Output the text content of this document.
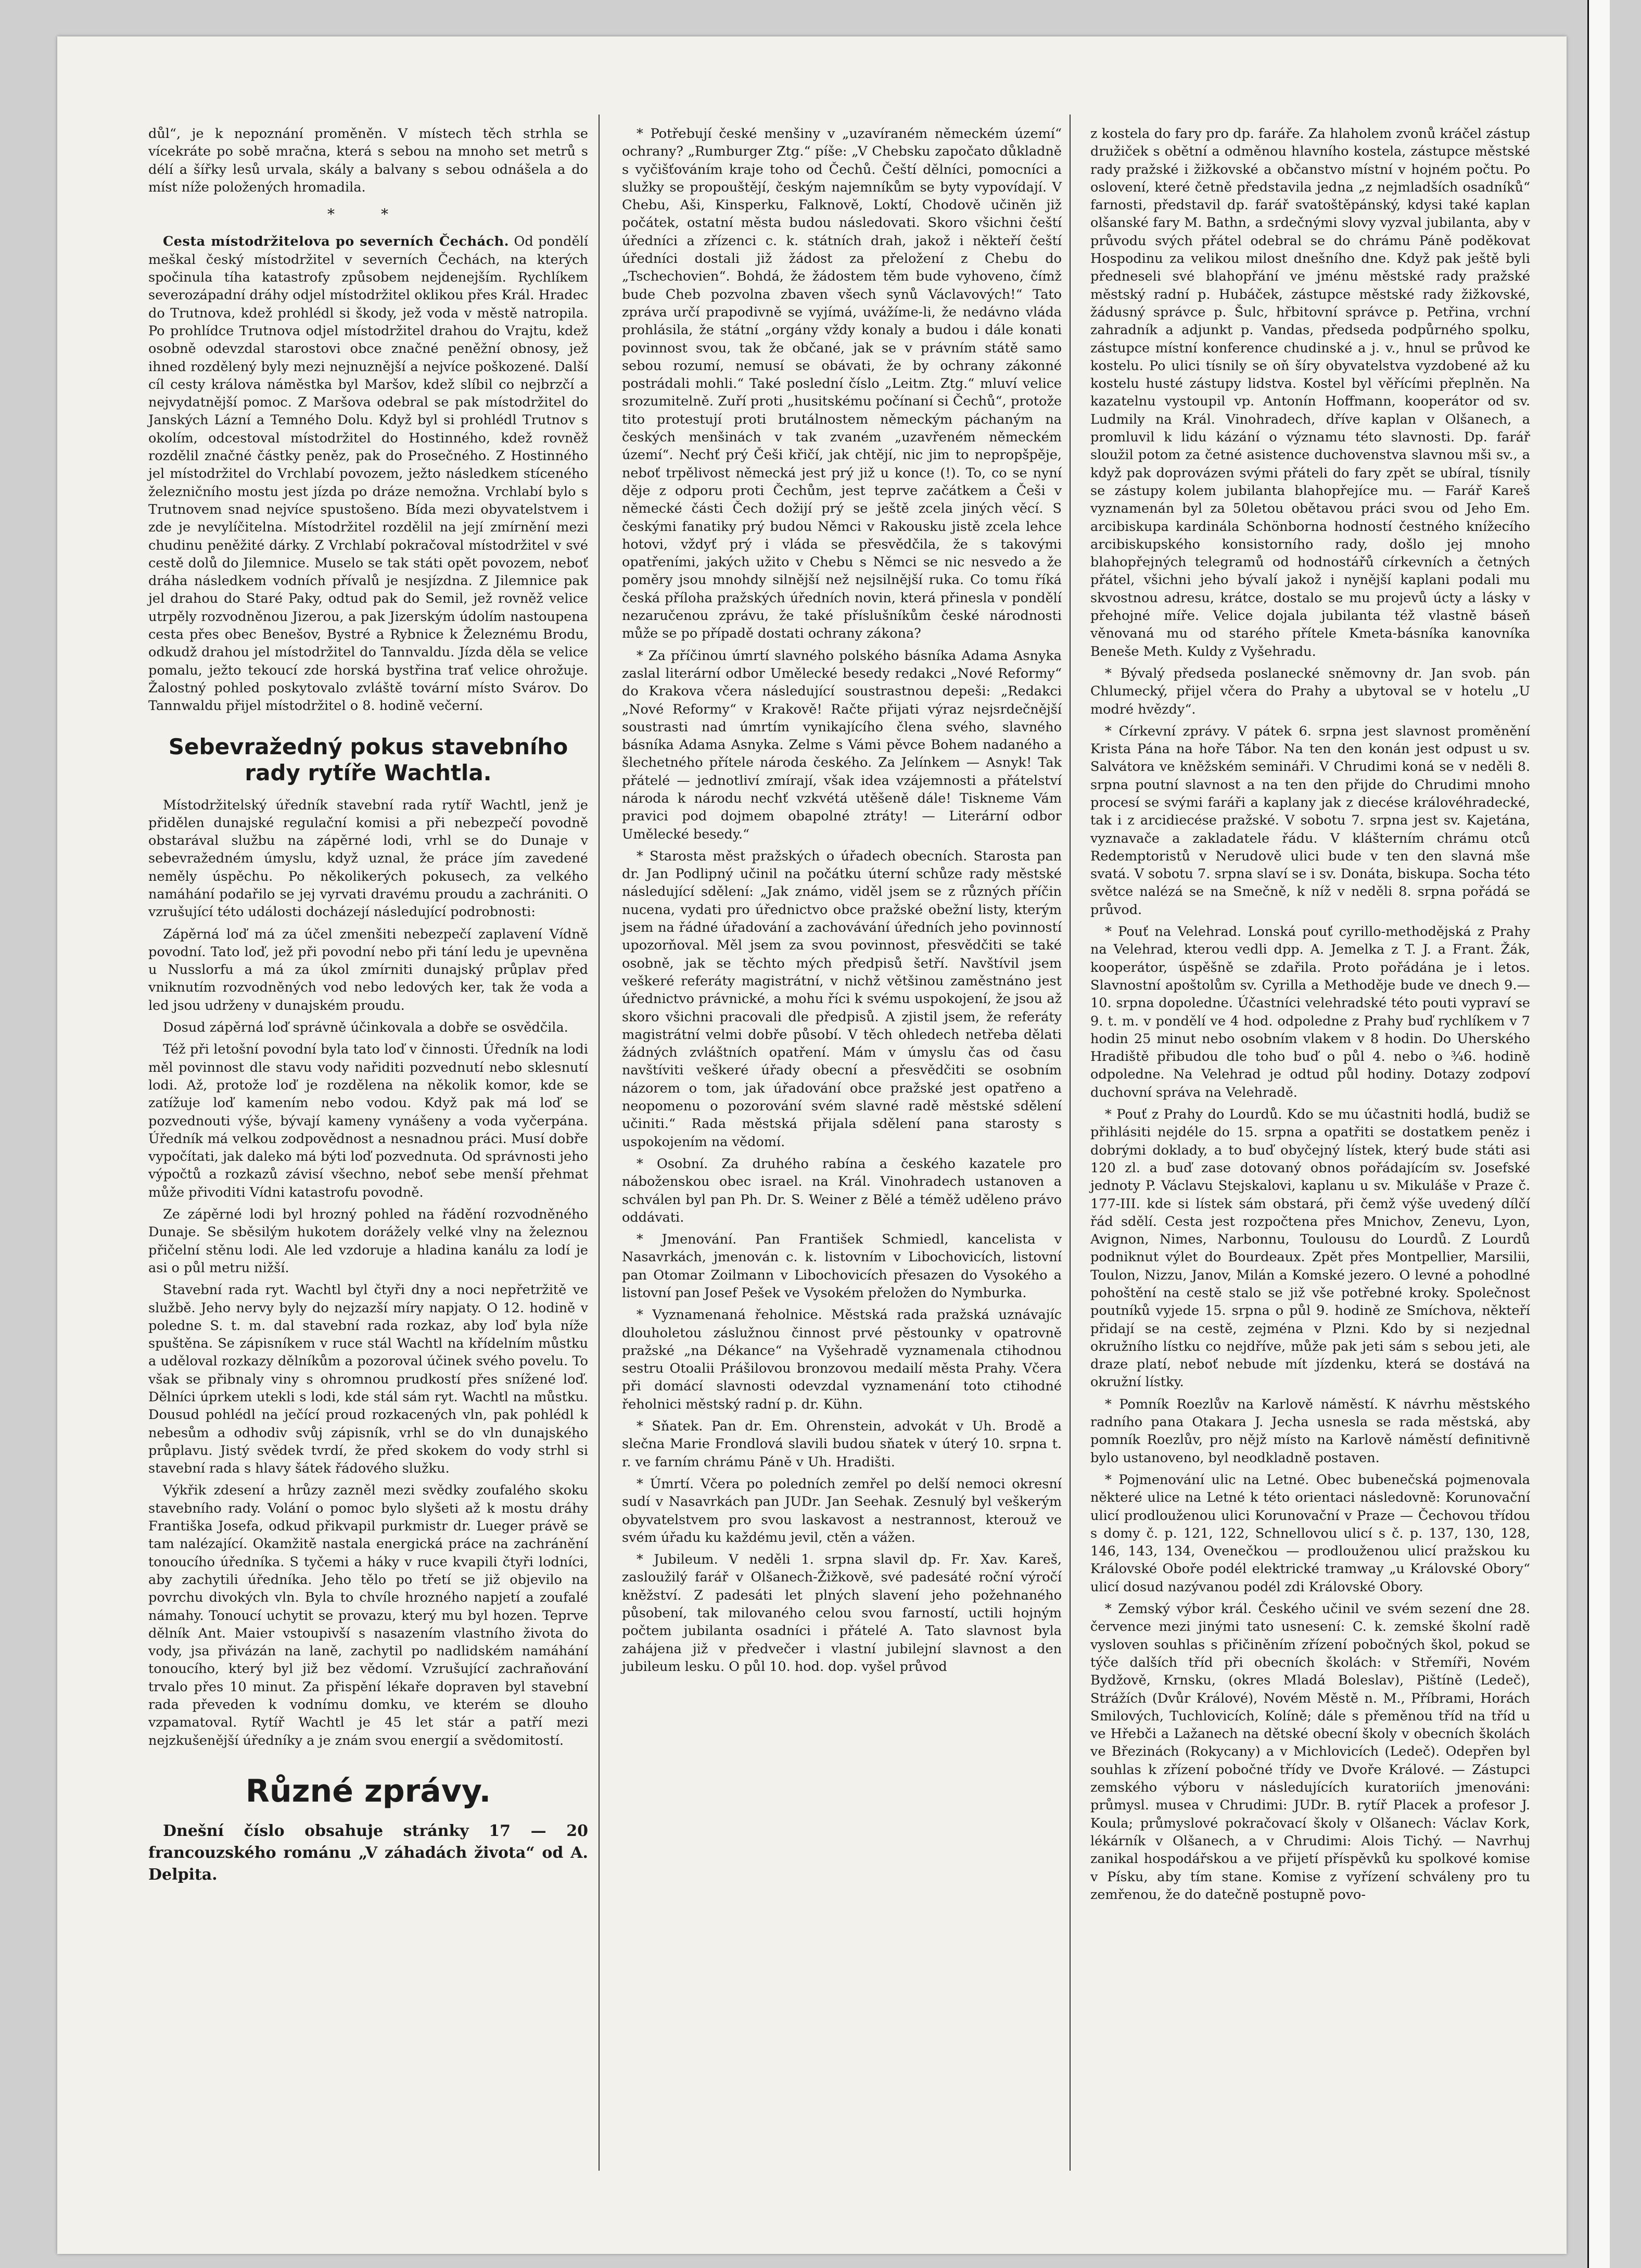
důl“, je k nepoznání proměněn. V místech těch strhla se vícekráte po sobě mračna, která s sebou na mnoho set metrů s délí a šířky lesů urvala, skály a balvany s sebou odnášela a do míst níže položených hromadila.

* *

Cesta místodržitelova po severních Čechách. Od pondělí meškal český místodržitel v severních Čechách, na kterých spočinula tíha katastrofy způsobem nejdenejším. Rychlíkem severozápadní dráhy odjel místodržitel oklikou přes Král. Hradec do Trutnova, kdež prohlédl si škody, jež voda v městě natropila. Po prohlídce Trutnova odjel místodržitel drahou do Vrajtu, kdež osobně odevzdal starostovi obce značné peněžní obnosy, jež ihned rozdělený byly mezi nejnuznější a nejvíce poškozené. Další cíl cesty králova náměstka byl Maršov, kdež slíbil co nejbrzčí a nejvydatnější pomoc. Z Maršova odebral se pak místodržitel do Janských Lázní a Temného Dolu. Když byl si prohlédl Trutnov s okolím, odcestoval místodržitel do Hostinného, kdež rovněž rozdělil značné částky peněz, pak do Prosečného. Z Hostinného jel místodržitel do Vrchlabí povozem, ježto následkem stíceného železničního mostu jest jízda po dráze nemožna. Vrchlabí bylo s Trutnovem snad nejvíce spustošeno. Bída mezi obyvatelstvem i zde je nevylíčitelna. Místodržitel rozdělil na její zmírnění mezi chudinu peněžité dárky. Z Vrchlabí pokračoval místodržitel v své cestě dolů do Jilemnice. Muselo se tak státi opět povozem, neboť dráha následkem vodních přívalů je nesjízdna. Z Jilemnice pak jel drahou do Staré Paky, odtud pak do Semil, jež rovněž velice utrpěly rozvodněnou Jizerou, a pak Jizerským údolím nastoupena cesta přes obec Benešov, Bystré a Rybnice k Železnému Brodu, odkudž drahou jel místodržitel do Tannvaldu. Jízda děla se velice pomalu, ježto tekoucí zde horská bystřina trať velice ohrožuje. Žalostný pohled poskytovalo zvláště tovární místo Svárov. Do Tannwaldu přijel místodržitel o 8. hodině večerní.

Sebevražedný pokus stavebního rady rytíře Wachtla.

Místodržitelský úředník stavební rada rytíř Wachtl, jenž je přidělen dunajské regulační komisi a při nebezpečí povodně obstarával službu na zápěrné lodi, vrhl se do Dunaje v sebevražedném úmyslu, když uznal, že práce jím zavedené neměly úspěchu. Po několikerých pokusech, za velkého namáhání podařilo se jej vyrvati dravému proudu a zachrániti. O vzrušující této události docházejí následující podrobnosti:

Zápěrná loď má za účel zmenšiti nebezpečí zaplavení Vídně povodní. Tato loď, jež při povodní nebo při tání ledu je upevněna u Nusslorfu a má za úkol zmírniti dunajský průplav před vniknutím rozvodněných vod nebo ledových ker, tak že voda a led jsou udrženy v dunajském proudu.

Dosud zápěrná loď správně účinkovala a dobře se osvědčila.

Též při letošní povodní byla tato loď v činnosti. Úředník na lodi měl povinnost dle stavu vody nařiditi pozvednutí nebo sklesnutí lodi. Až, protože loď je rozdělena na několik komor, kde se zatížuje loď kamením nebo vodou. Když pak má loď se pozvednouti výše, bývají kameny vynášeny a voda vyčerpána. Úředník má velkou zodpovědnost a nesnadnou práci. Musí dobře vypočítati, jak daleko má býti loď pozvednuta. Od správnosti jeho výpočtů a rozkazů závisí všechno, neboť sebe menší přehmat může přivoditi Vídni katastrofu povodně.

Ze zápěrné lodi byl hrozný pohled na řádění rozvodněného Dunaje. Se sběsilým hukotem dorážely velké vlny na železnou přičelní stěnu lodi. Ale led vzdoruje a hladina kanálu za lodí je asi o půl metru nižší.

Stavební rada ryt. Wachtl byl čtyři dny a noci nepřetržitě ve službě. Jeho nervy byly do nejzazší míry napjaty. O 12. hodině v poledne S. t. m. dal stavební rada rozkaz, aby loď byla níže spuštěna. Se zápisníkem v ruce stál Wachtl na křídelním můstku a uděloval rozkazy dělníkům a pozoroval účinek svého povelu. To však se přibnaly viny s ohromnou prudkostí přes snížené loď. Dělníci úprkem utekli s lodi, kde stál sám ryt. Wachtl na můstku. Dousud pohlédl na ječící proud rozkacených vln, pak pohlédl k nebesům a odhodiv svůj zápisník, vrhl se do vln dunajského průplavu. Jistý svědek tvrdí, že před skokem do vody strhl si stavební rada s hlavy šátek řádového služku.

Výkřik zdesení a hrůzy zazněl mezi svědky zoufalého skoku stavebního rady. Volání o pomoc bylo slyšeti až k mostu dráhy Františka Josefa, odkud přikvapil purkmistr dr. Lueger právě se tam nalézající. Okamžitě nastala energická práce na zachránění tonoucího úředníka. S tyčemi a háky v ruce kvapili čtyři lodníci, aby zachytili úředníka. Jeho tělo po třetí se již objevilo na povrchu divokých vln. Byla to chvíle hrozného napjetí a zoufalé námahy. Tonoucí uchytit se provazu, který mu byl hozen. Teprve dělník Ant. Maier vstoupivší s nasazením vlastního života do vody, jsa přivázán na laně, zachytil po nadlidském namáhání tonoucího, který byl již bez vědomí. Vzrušující zachraňování trvalo přes 10 minut. Za přispění lékaře dopraven byl stavební rada převeden k vodnímu domku, ve kterém se dlouho vzpamatoval. Rytíř Wachtl je 45 let stár a patří mezi nejzkušenější úředníky a je znám svou energií a svědomitostí.

Různé zprávy.

Dnešní číslo obsahuje stránky 17 — 20 francouzského románu „V záhadách života“ od A. Delpita.

* Potřebují české menšiny v „uzavíraném německém území“ ochrany? „Rumburger Ztg.“ píše: „V Chebsku započato důkladně s vyčišťováním kraje toho od Čechů. Čeští dělníci, pomocníci a služky se propouštějí, českým najemníkům se byty vypovídají. V Chebu, Aši, Kinsperku, Falknově, Loktí, Chodově učiněn již počátek, ostatní města budou následovati. Skoro všichni čeští úředníci a zřízenci c. k. státních drah, jakož i někteří čeští úředníci dostali již žádost za přeložení z Chebu do „Tschechovien“. Bohdá, že žádostem těm bude vyhoveno, čímž bude Cheb pozvolna zbaven všech synů Václavových!“ Tato zpráva určí prapodivně se vyjímá, uvážíme-li, že nedávno vláda prohlásila, že státní „orgány vždy konaly a budou i dále konati povinnost svou, tak že občané, jak se v právním státě samo sebou rozumí, nemusí se obávati, že by ochrany zákonné postrádali mohli.“ Také poslední číslo „Leitm. Ztg.“ mluví velice srozumitelně. Zuří proti „husitskému počínaní si Čechů“, protože tito protestují proti brutálnostem německým páchaným na českých menšinách v tak zvaném „uzavřeném německém území“. Nechť prý Češi křičí, jak chtějí, nic jim to nepropšpěje, neboť trpělivost německá jest prý již u konce (!). To, co se nyní děje z odporu proti Čechům, jest teprve začátkem a Češi v německé části Čech dožijí prý se ještě zcela jiných věcí. S českými fanatiky prý budou Němci v Rakousku jistě zcela lehce hotovi, vždyť prý i vláda se přesvědčila, že s takovými opatřeními, jakých užito v Chebu s Němci se nic nesvedo a že poměry jsou mnohdy silnější než nejsilnější ruka. Co tomu říká česká příloha pražských úředních novin, která přinesla v pondělí nezaručenou zprávu, že také příslušníkům české národnosti může se po případě dostati ochrany zákona?

* Za příčinou úmrtí slavného polského básníka Adama Asnyka zaslal literární odbor Umělecké besedy redakci „Nové Reformy“ do Krakova včera následující soustrastnou depeši: „Redakci „Nové Reformy“ v Krakově! Račte přijati výraz nejsrdečnější soustrasti nad úmrtím vynikajícího člena svého, slavného básníka Adama Asnyka. Zelme s Vámi pěvce Bohem nadaného a šlechetného přítele národa českého. Za Jelínkem — Asnyk! Tak přátelé — jednotliví zmírají, však idea vzájemnosti a přátelství národa k národu nechť vzkvétá utěšeně dále! Tiskneme Vám pravici pod dojmem obapolné ztráty! — Literární odbor Umělecké besedy.“

* Starosta měst pražských o úřadech obecních. Starosta pan dr. Jan Podlipný učinil na počátku úterní schůze rady městské následující sdělení: „Jak známo, viděl jsem se z různých příčin nucena, vydati pro úřednictvo obce pražské obežní listy, kterým jsem na řádné úřadování a zachovávání úředních jeho povinností upozorňoval. Měl jsem za svou povinnost, přesvědčiti se také osobně, jak se těchto mých předpisů šetří. Navštívil jsem veškeré referáty magistrátní, v nichž většinou zaměstnáno jest úřednictvo právnické, a mohu říci k svému uspokojení, že jsou až skoro všichni pracovali dle předpisů. A zjistil jsem, že referáty magistrátní velmi dobře působí. V těch ohledech netřeba dělati žádných zvláštních opatření. Mám v úmyslu čas od času navštíviti veškeré úřady obecní a přesvědčiti se osobním názorem o tom, jak úřadování obce pražské jest opatřeno a neopomenu o pozorování svém slavné radě městské sdělení učiniti.“ Rada městská přijala sdělení pana starosty s uspokojením na vědomí.

* Osobní. Za druhého rabína a českého kazatele pro náboženskou obec israel. na Král. Vinohradech ustanoven a schválen byl pan Ph. Dr. S. Weiner z Bělé a téměž uděleno právo oddávati.

* Jmenování. Pan František Schmiedl, kancelista v Nasavrkách, jmenován c. k. listovním v Libochovicích, listovní pan Otomar Zoilmann v Libochovicích přesazen do Vysokého a listovní pan Josef Pešek ve Vysokém přeložen do Nymburka.

* Vyznamenaná řeholnice. Městská rada pražská uznávajíc dlouholetou záslužnou činnost prvé pěstounky v opatrovně pražské „na Dékance“ na Vyšehradě vyznamenala ctihodnou sestru Otoalii Prášilovou bronzovou medailí města Prahy. Včera při domácí slavnosti odevzdal vyznamenání toto ctihodné řeholnici městský radní p. dr. Kühn.

* Sňatek. Pan dr. Em. Ohrenstein, advokát v Uh. Brodě a slečna Marie Frondlová slavili budou sňatek v úterý 10. srpna t. r. ve farním chrámu Páně v Uh. Hradišti.

* Úmrtí. Včera po poledních zemřel po delší nemoci okresní sudí v Nasavrkách pan JUDr. Jan Seehak. Zesnulý byl veškerým obyvatelstvem pro svou laskavost a nestrannost, kterouž ve svém úřadu ku každému jevil, ctěn a vážen.

* Jubileum. V neděli 1. srpna slavil dp. Fr. Xav. Kareš, zasloužilý farář v Olšanech-Žižkově, své padesáté roční výročí kněžství. Z padesáti let plných slavení jeho požehnaného působení, tak milovaného celou svou farností, uctili hojným počtem jubilanta osadníci i přátelé A. Tato slavnost byla zahájena již v předvečer i vlastní jubilejní slavnost a den jubileum lesku. O půl 10. hod. dop. vyšel průvod

z kostela do fary pro dp. faráře. Za hlaholem zvonů kráčel zástup družiček s obětní a odměnou hlavního kostela, zástupce městské rady pražské i žižkovské a občanstvo místní v hojném počtu. Po oslovení, které četně představila jedna „z nejmladších osadníků“ farnosti, představil dp. farář svatoštěpánský, kdysi také kaplan olšanské fary M. Bathn, a srdečnými slovy vyzval jubilanta, aby v průvodu svých přátel odebral se do chrámu Páně poděkovat Hospodinu za velikou milost dnešního dne. Když pak ještě byli předneseli své blahopřání ve jménu městské rady pražské městský radní p. Hubáček, zástupce městské rady žižkovské, žádusný správce p. Šulc, hřbitovní správce p. Petřina, vrchní zahradník a adjunkt p. Vandas, předseda podpůrného spolku, zástupce místní konference chudinské a j. v., hnul se průvod ke kostelu. Po ulici tísnily se oň šíry obyvatelstva vyzdobené až ku kostelu husté zástupy lidstva. Kostel byl věřícími přeplněn. Na kazatelnu vystoupil vp. Antonín Hoffmann, kooperátor od sv. Ludmily na Král. Vinohradech, dříve kaplan v Olšanech, a promluvil k lidu kázání o významu této slavnosti. Dp. farář sloužil potom za četné asistence duchovenstva slavnou mši sv., a když pak doprovázen svými přáteli do fary zpět se ubíral, tísnily se zástupy kolem jubilanta blahopřejíce mu. — Farář Kareš vyznamenán byl za 50letou obětavou práci svou od Jeho Em. arcibiskupa kardinála Schönborna hodností čestného knížecího arcibiskupského konsistorního rady, došlo jej mnoho blahopřejných telegramů od hodnostářů církevních a četných přátel, všichni jeho bývalí jakož i nynější kaplani podali mu skvostnou adresu, krátce, dostalo se mu projevů úcty a lásky v přehojné míře. Velice dojala jubilanta též vlastně báseň věnovaná mu od starého přítele Kmeta-básníka kanovníka Beneše Meth. Kuldy z Vyšehradu.

* Bývalý předseda poslanecké sněmovny dr. Jan svob. pán Chlumecký, přijel včera do Prahy a ubytoval se v hotelu „U modré hvězdy“.

* Církevní zprávy. V pátek 6. srpna jest slavnost proměnění Krista Pána na hoře Tábor. Na ten den konán jest odpust u sv. Salvátora ve kněžském semináři. V Chrudimi koná se v neděli 8. srpna poutní slavnost a na ten den přijde do Chrudimi mnoho procesí se svými faráři a kaplany jak z diecése královéhradecké, tak i z arcidiecése pražské. V sobotu 7. srpna jest sv. Kajetána, vyznavače a zakladatele řádu. V klášterním chrámu otců Redemptoristů v Nerudově ulici bude v ten den slavná mše svatá. V sobotu 7. srpna slaví se i sv. Donáta, biskupa. Socha této světce nalézá se na Smečně, k níž v neděli 8. srpna pořádá se průvod.

* Pouť na Velehrad. Lonská pouť cyrillo-methodějská z Prahy na Velehrad, kterou vedli dpp. A. Jemelka z T. J. a Frant. Žák, kooperátor, úspěšně se zdařila. Proto pořádána je i letos. Slavnostní apoštolům sv. Cyrilla a Methoděje bude ve dnech 9.—10. srpna dopoledne. Účastníci velehradské této pouti vypraví se 9. t. m. v pondělí ve 4 hod. odpoledne z Prahy buď rychlíkem v 7 hodin 25 minut nebo osobním vlakem v 8 hodin. Do Uherského Hradiště přibudou dle toho buď o půl 4. nebo o ¾6. hodině odpoledne. Na Velehrad je odtud půl hodiny. Dotazy zodpoví duchovní správa na Velehradě.

* Pouť z Prahy do Lourdů. Kdo se mu účastniti hodlá, budiž se přihlásiti nejdéle do 15. srpna a opatřiti se dostatkem peněz i dobrými doklady, a to buď obyčejný lístek, který bude státi asi 120 zl. a buď zase dotovaný obnos pořádajícím sv. Josefské jednoty P. Václavu Stejskalovi, kaplanu u sv. Mikuláše v Praze č. 177-III. kde si lístek sám obstará, při čemž výše uvedený dílčí řád sdělí. Cesta jest rozpočtena přes Mnichov, Zenevu, Lyon, Avignon, Nimes, Narbonnu, Toulousu do Lourdů. Z Lourdů podniknut výlet do Bourdeaux. Zpět přes Montpellier, Marsilii, Toulon, Nizzu, Janov, Milán a Komské jezero. O levné a pohodlné pohoštění na cestě stalo se již vše potřebné kroky. Společnost poutníků vyjede 15. srpna o půl 9. hodině ze Smíchova, někteří přidají se na cestě, zejména v Plzni. Kdo by si nezjednal okružního lístku co nejdříve, může pak jeti sám s sebou jeti, ale draze platí, neboť nebude mít jízdenku, která se dostává na okružní lístky.

* Pomník Roezlův na Karlově náměstí. K návrhu městského radního pana Otakara J. Jecha usnesla se rada městská, aby pomník Roezlův, pro nějž místo na Karlově náměstí definitivně bylo ustanoveno, byl neodkladně postaven.

* Pojmenování ulic na Letné. Obec bubenečská pojmenovala některé ulice na Letné k této orientaci následovně: Korunovační ulicí prodlouženou ulici Korunovační v Praze — Čechovou třídou s domy č. p. 121, 122, Schnellovou ulicí s č. p. 137, 130, 128, 146, 143, 134, Ovenečkou — prodlouženou ulicí pražskou ku Královské Oboře podél elektrické tramway „u Královské Obory“ ulicí dosud nazývanou podél zdi Královské Obory.

* Zemský výbor král. Českého učinil ve svém sezení dne 28. července mezi jinými tato usnesení: C. k. zemské školní radě vysloven souhlas s přičiněním zřízení pobočných škol, pokud se týče dalších tříd při obecních školách: v Střemíři, Novém Bydžově, Krnsku, (okres Mladá Boleslav), Pištíně (Ledeč), Strážích (Dvůr Králové), Novém Městě n. M., Příbrami, Horách Smilových, Tuchlovicích, Kolíně; dále s přeměnou tříd na tříd u ve Hřebči a Lažanech na dětské obecní školy v obecních školách ve Březinách (Rokycany) a v Michlovicích (Ledeč). Odepřen byl souhlas k zřízení pobočné třídy ve Dvoře Králové. — Zástupci zemského výboru v následujících kuratoriích jmenováni: průmysl. musea v Chrudimi: JUDr. B. rytíř Placek a profesor J. Koula; průmyslové pokračovací školy v Olšanech: Václav Kork, lékárník v Olšanech, a v Chrudimi: Alois Tichý. — Navrhuj zanikal hospodářskou a ve přijetí příspěvků ku spolkové komise v Písku, aby tím stane. Komise z vyřízení schváleny pro tu zemřenou, že do datečně postupně povo-
